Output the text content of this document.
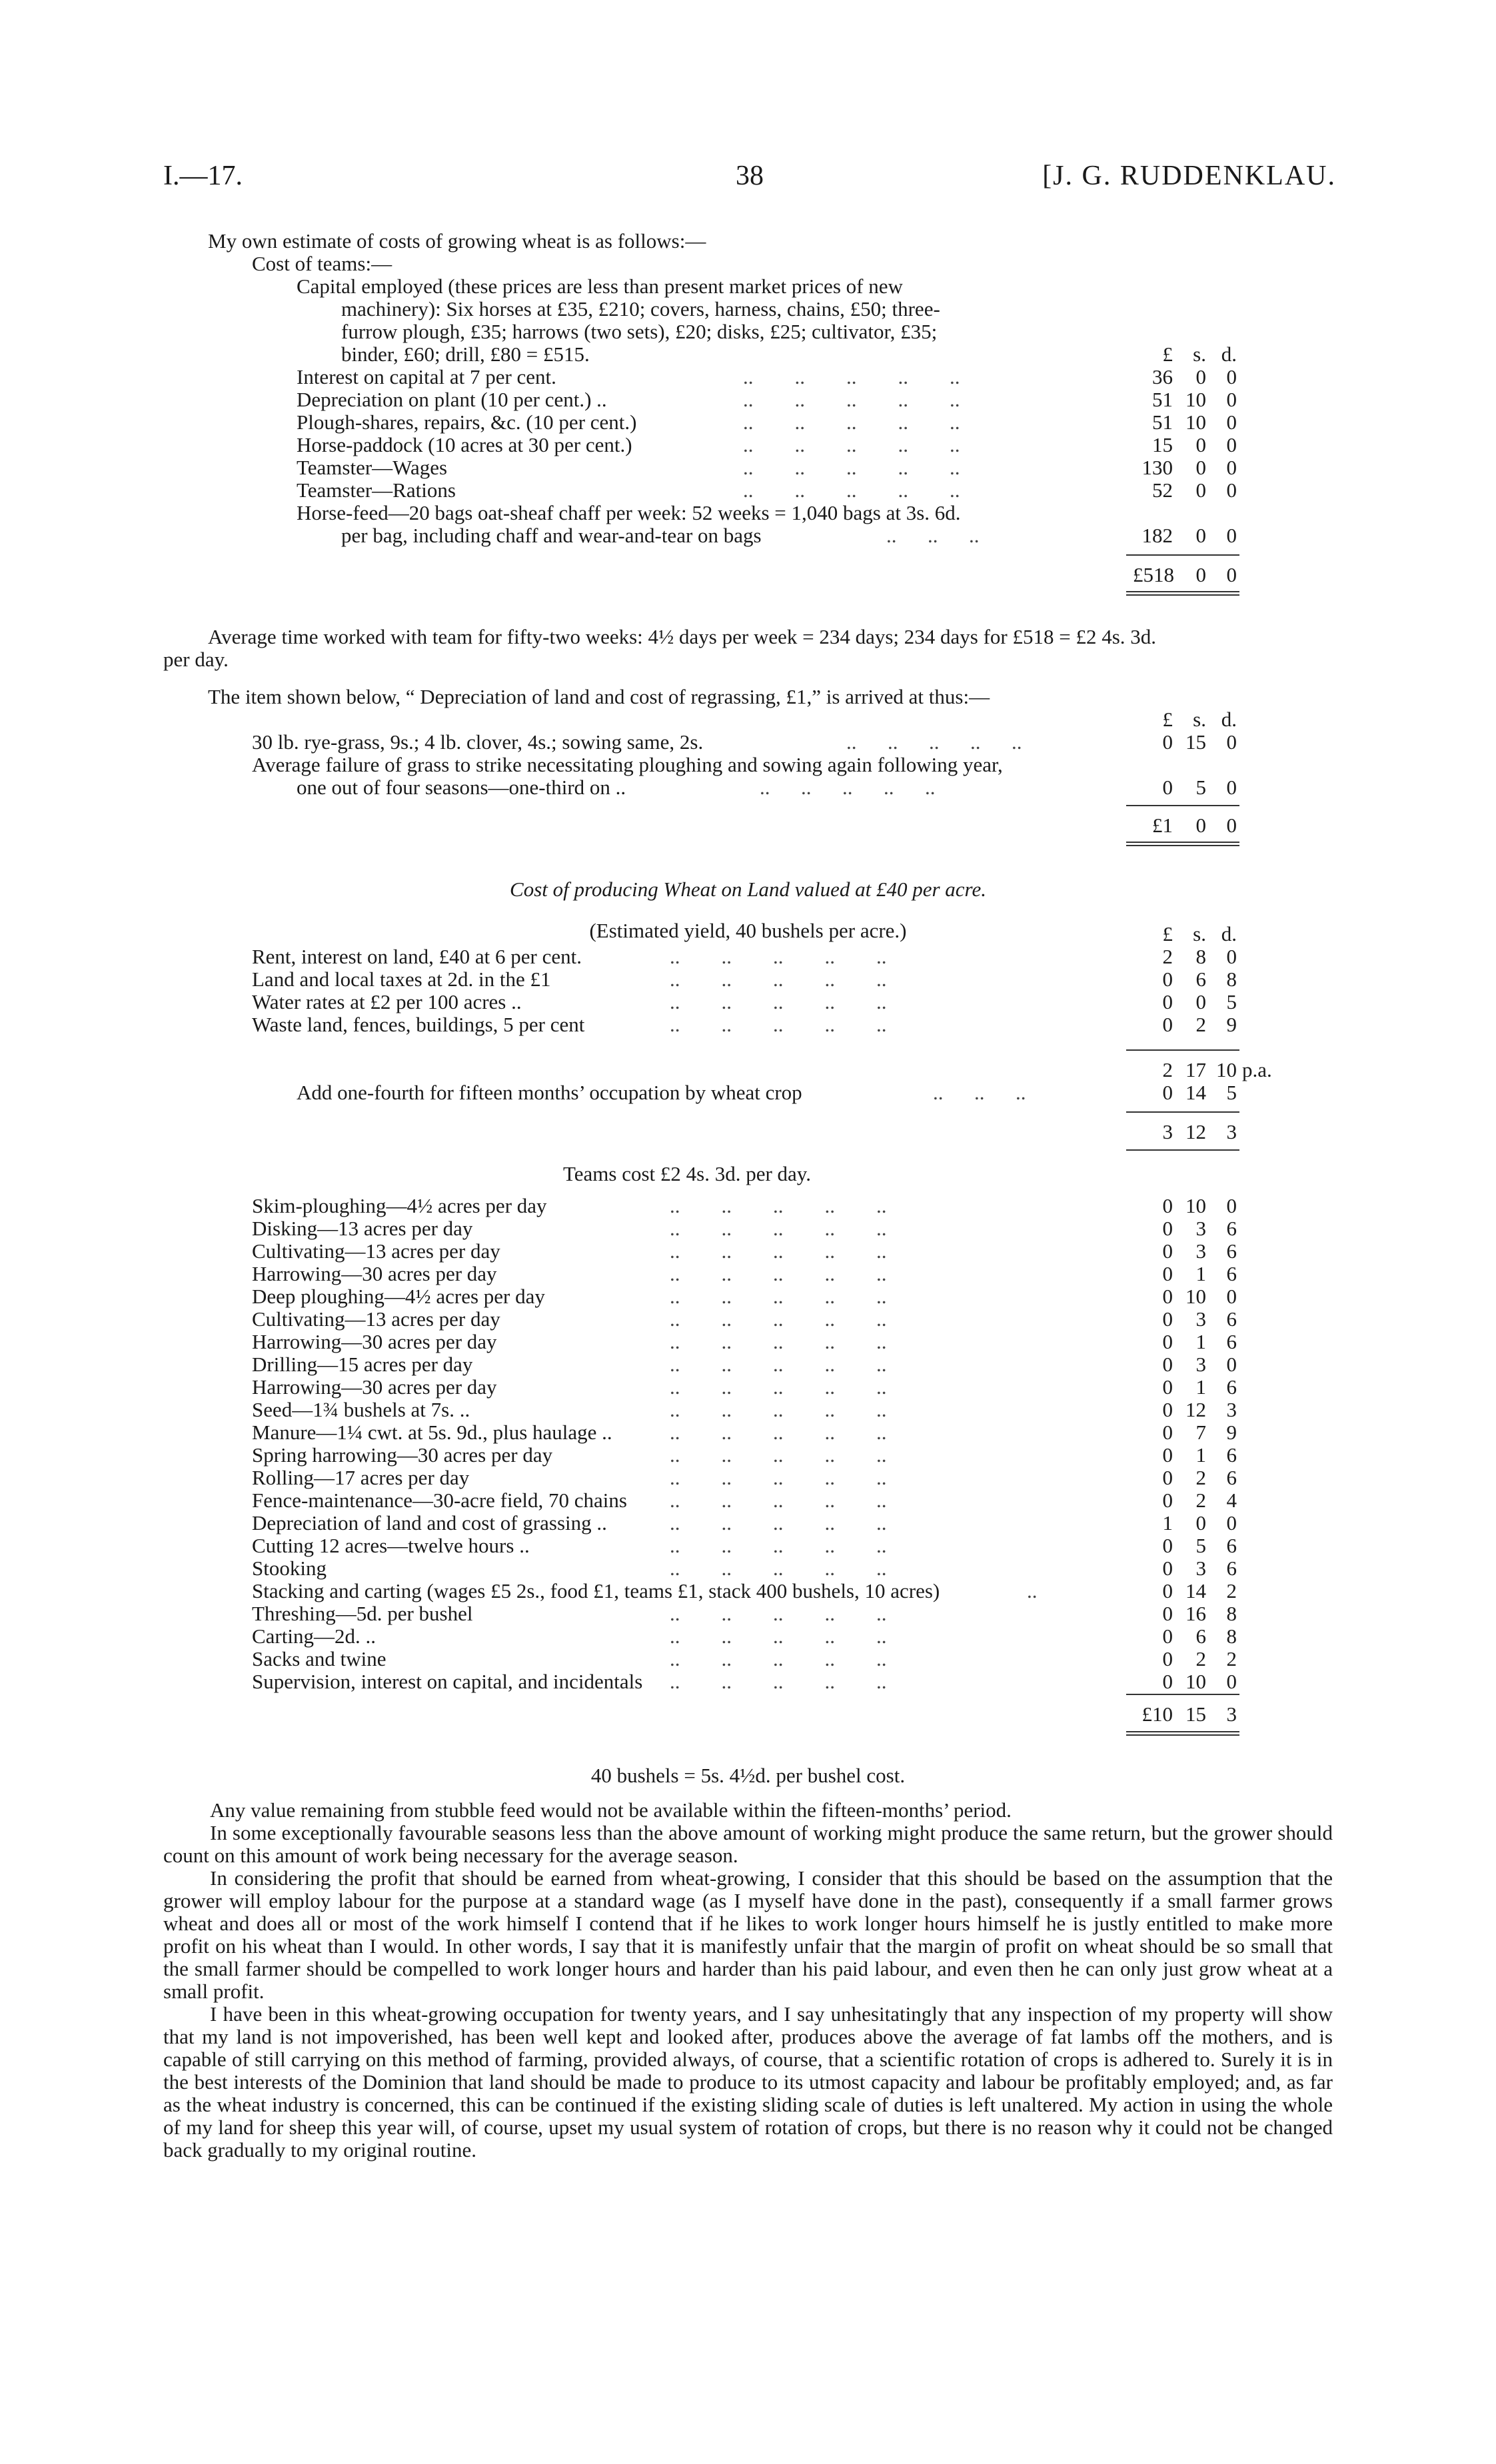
I.—17.	38	[J. G. RUDDENKLAU.
My own estimate of costs of growing wheat is as follows:—
Cost of teams:—
Capital employed (these prices are less than present market prices of new
machinery): Six horses at £35, £210; covers, harness, chains, £50; three-
furrow plough, £35; harrows (two sets), £20; disks, £25; cultivator, £35;
binder, £60; drill, £80 = £515.	£ s. d.
Interest on capital at 7 per cent.	..        ..        ..        ..        ..	36	0 0
Depreciation on plant (10 per cent.) ..	..        ..        ..        ..        ..	51 10 0
Plough-shares, repairs, &c. (10 per cent.)	..        ..        ..        ..        ..	51 10 0
Horse-paddock (10 acres at 30 per cent.)	..        ..        ..        ..        ..	15	0 0
Teamster—Wages	..        ..        ..        ..        ..	130	0 0
Teamster—Rations	..        ..        ..        ..        ..	52	0 0
Horse-feed—20 bags oat-sheaf chaff per week: 52 weeks = 1,040 bags at 3s. 6d.
per bag, including chaff and wear-and-tear on bags	..      ..      ..	182	0 0
£518	0 0
Average time worked with team for fifty-two weeks: 4½ days per week = 234 days; 234 days for £518 = £2 4s. 3d.
per day.
The item shown below, “ Depreciation of land and cost of regrassing, £1,” is arrived at thus:—
£ s. d.
30 lb. rye-grass, 9s.; 4 lb. clover, 4s.; sowing same, 2s.	..      ..      ..      ..      ..	0 15 0
Average failure of grass to strike necessitating ploughing and sowing again following year,
one out of four seasons—one-third on ..	..      ..      ..      ..      ..	0	5 0
£1	0 0
Cost of producing Wheat on Land valued at £40 per acre.
(Estimated yield, 40 bushels per acre.)	£ s. d.
Rent, interest on land, £40 at 6 per cent.	..        ..        ..        ..        ..	2	8 0
Land and local taxes at 2d. in the £1	..        ..        ..        ..        ..	0	6 8
Water rates at £2 per 100 acres ..	..        ..        ..        ..        ..	0	0 5
Waste land, fences, buildings, 5 per cent	..        ..        ..        ..        ..	0	2 9
2 17 10 p.a.
Add one-fourth for fifteen months’ occupation by wheat crop	..      ..      ..	0 14 5
3 12 3
Teams cost £2 4s. 3d. per day.
Skim-ploughing—4½ acres per day	..        ..        ..        ..        ..	0 10 0
Disking—13 acres per day	..        ..        ..        ..        ..	0	3 6
Cultivating—13 acres per day	..        ..        ..        ..        ..	0	3 6
Harrowing—30 acres per day	..        ..        ..        ..        ..	0	1 6
Deep ploughing—4½ acres per day	..        ..        ..        ..        ..	0 10 0
Cultivating—13 acres per day	..        ..        ..        ..        ..	0	3 6
Harrowing—30 acres per day	..        ..        ..        ..        ..	0	1 6
Drilling—15 acres per day	..        ..        ..        ..        ..	0	3 0
Harrowing—30 acres per day	..        ..        ..        ..        ..	0	1 6
Seed—1¾ bushels at 7s. ..	..        ..        ..        ..        ..	0 12 3
Manure—1¼ cwt. at 5s. 9d., plus haulage ..	..        ..        ..        ..        ..	0	7 9
Spring harrowing—30 acres per day	..        ..        ..        ..        ..	0	1 6
Rolling—17 acres per day	..        ..        ..        ..        ..	0	2 6
Fence-maintenance—30-acre field, 70 chains ..        ..        ..        ..        ..	0	2 4
Depreciation of land and cost of grassing ..	..        ..        ..        ..        ..	1	0 0
Cutting 12 acres—twelve hours ..	..        ..        ..        ..        ..	0	5 6
Stooking	..        ..        ..        ..        ..	0	3 6
Stacking and carting (wages £5 2s., food £1, teams £1, stack 400 bushels, 10 acres)	..	0 14 2
Threshing—5d. per bushel	..        ..        ..        ..        ..	0 16 8
Carting—2d. ..	..        ..        ..        ..        ..	0	6 8
Sacks and twine	..        ..        ..        ..        ..	0	2 2
Supervision, interest on capital, and incidentals ..        ..        ..        ..        ..	0 10 0
£10 15 3
40 bushels = 5s. 4½d. per bushel cost.

Any value remaining from stubble feed would not be available within the fifteen-months’ period.

In some exceptionally favourable seasons less than the above amount of working might produce the same return, but the grower should count on this amount of work being necessary for the average season.

In considering the profit that should be earned from wheat-growing, I consider that this should be based on the assumption that the grower will employ labour for the purpose at a standard wage (as I myself have done in the past), consequently if a small farmer grows wheat and does all or most of the work himself I contend that if he likes to work longer hours himself he is justly entitled to make more profit on his wheat than I would. In other words, I say that it is manifestly unfair that the margin of profit on wheat should be so small that the small farmer should be compelled to work longer hours and harder than his paid labour, and even then he can only just grow wheat at a small profit.

I have been in this wheat-growing occupation for twenty years, and I say unhesitatingly that any inspection of my property will show that my land is not impoverished, has been well kept and looked after, produces above the average of fat lambs off the mothers, and is capable of still carrying on this method of farming, provided always, of course, that a scientific rotation of crops is adhered to. Surely it is in the best interests of the Dominion that land should be made to produce to its utmost capacity and labour be profitably employed; and, as far as the wheat industry is concerned, this can be continued if the existing sliding scale of duties is left unaltered. My action in using the whole of my land for sheep this year will, of course, upset my usual system of rotation of crops, but there is no reason why it could not be changed back gradually to my original routine.
